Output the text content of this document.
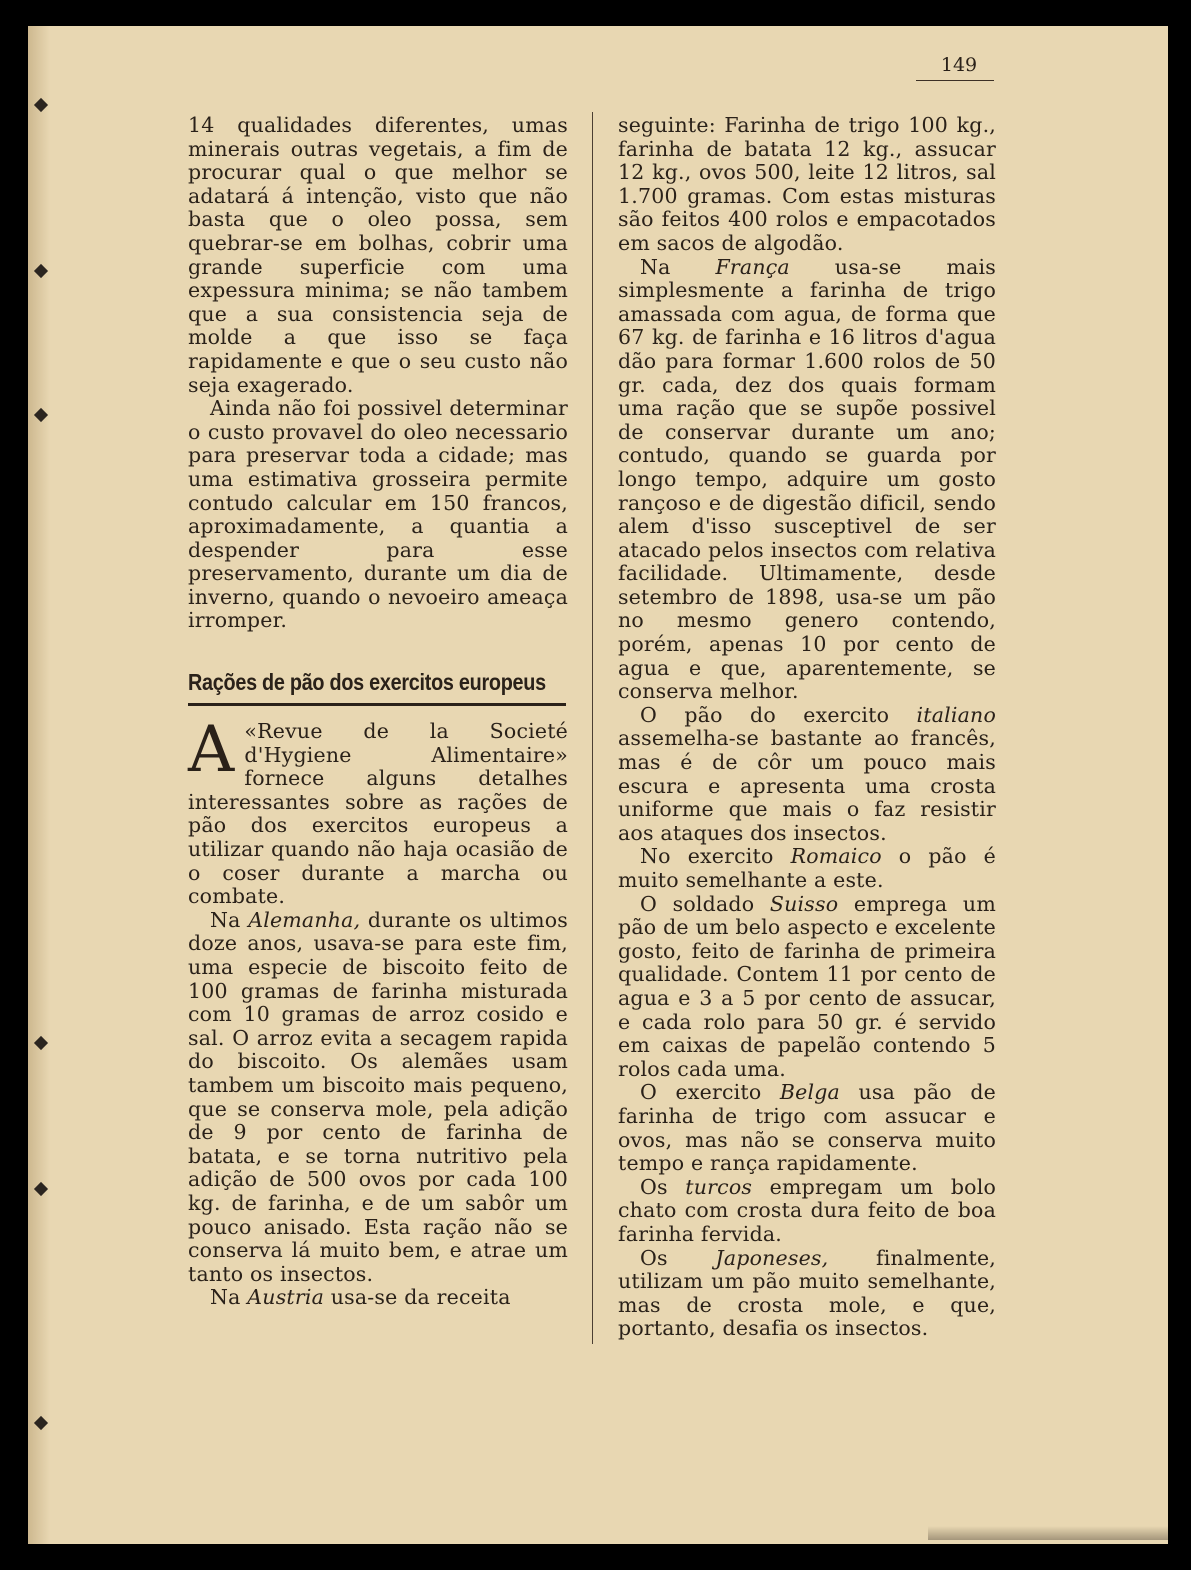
149

14 qualidades diferentes, umas minerais outras vegetais, a fim de procurar qual o que melhor se adatará á intenção, visto que não basta que o oleo possa, sem quebrar-se em bolhas, cobrir uma grande superficie com uma expessura minima; se não tambem que a sua consistencia seja de molde a que isso se faça rapidamente e que o seu custo não seja exagerado.

Ainda não foi possivel determinar o custo provavel do oleo necessario para preservar toda a cidade; mas uma estimativa grosseira permite contudo calcular em 150 francos, aproximadamente, a quantia a despender para esse preservamento, durante um dia de inverno, quando o nevoeiro ameaça irromper.

Rações de pão dos exercitos europeus

A «Revue de la Societé d'Hygiene Alimentaire» fornece alguns detalhes interessantes sobre as rações de pão dos exercitos europeus a utilizar quando não haja ocasião de o coser durante a marcha ou combate.

Na Alemanha, durante os ultimos doze anos, usava-se para este fim, uma especie de biscoito feito de 100 gramas de farinha misturada com 10 gramas de arroz cosido e sal. O arroz evita a secagem rapida do biscoito. Os alemães usam tambem um biscoito mais pequeno, que se conserva mole, pela adição de 9 por cento de farinha de batata, e se torna nutritivo pela adição de 500 ovos por cada 100 kg. de farinha, e de um sabôr um pouco anisado. Esta ração não se conserva lá muito bem, e atrae um tanto os insectos.

Na Austria usa-se da receita

seguinte: Farinha de trigo 100 kg., farinha de batata 12 kg., assucar 12 kg., ovos 500, leite 12 litros, sal 1.700 gramas. Com estas misturas são feitos 400 rolos e empacotados em sacos de algodão.

Na França usa-se mais simplesmente a farinha de trigo amassada com agua, de forma que 67 kg. de farinha e 16 litros d'agua dão para formar 1.600 rolos de 50 gr. cada, dez dos quais formam uma ração que se supõe possivel de conservar durante um ano; contudo, quando se guarda por longo tempo, adquire um gosto rançoso e de digestão dificil, sendo alem d'isso susceptivel de ser atacado pelos insectos com relativa facilidade. Ultimamente, desde setembro de 1898, usa-se um pão no mesmo genero contendo, porém, apenas 10 por cento de agua e que, aparentemente, se conserva melhor.

O pão do exercito italiano assemelha-se bastante ao francês, mas é de côr um pouco mais escura e apresenta uma crosta uniforme que mais o faz resistir aos ataques dos insectos.

No exercito Romaico o pão é muito semelhante a este.

O soldado Suisso emprega um pão de um belo aspecto e excelente gosto, feito de farinha de primeira qualidade. Contem 11 por cento de agua e 3 a 5 por cento de assucar, e cada rolo para 50 gr. é servido em caixas de papelão contendo 5 rolos cada uma.

O exercito Belga usa pão de farinha de trigo com assucar e ovos, mas não se conserva muito tempo e rança rapidamente.

Os turcos empregam um bolo chato com crosta dura feito de boa farinha fervida.

Os Japoneses, finalmente, utilizam um pão muito semelhante, mas de crosta mole, e que, portanto, desafia os insectos.
